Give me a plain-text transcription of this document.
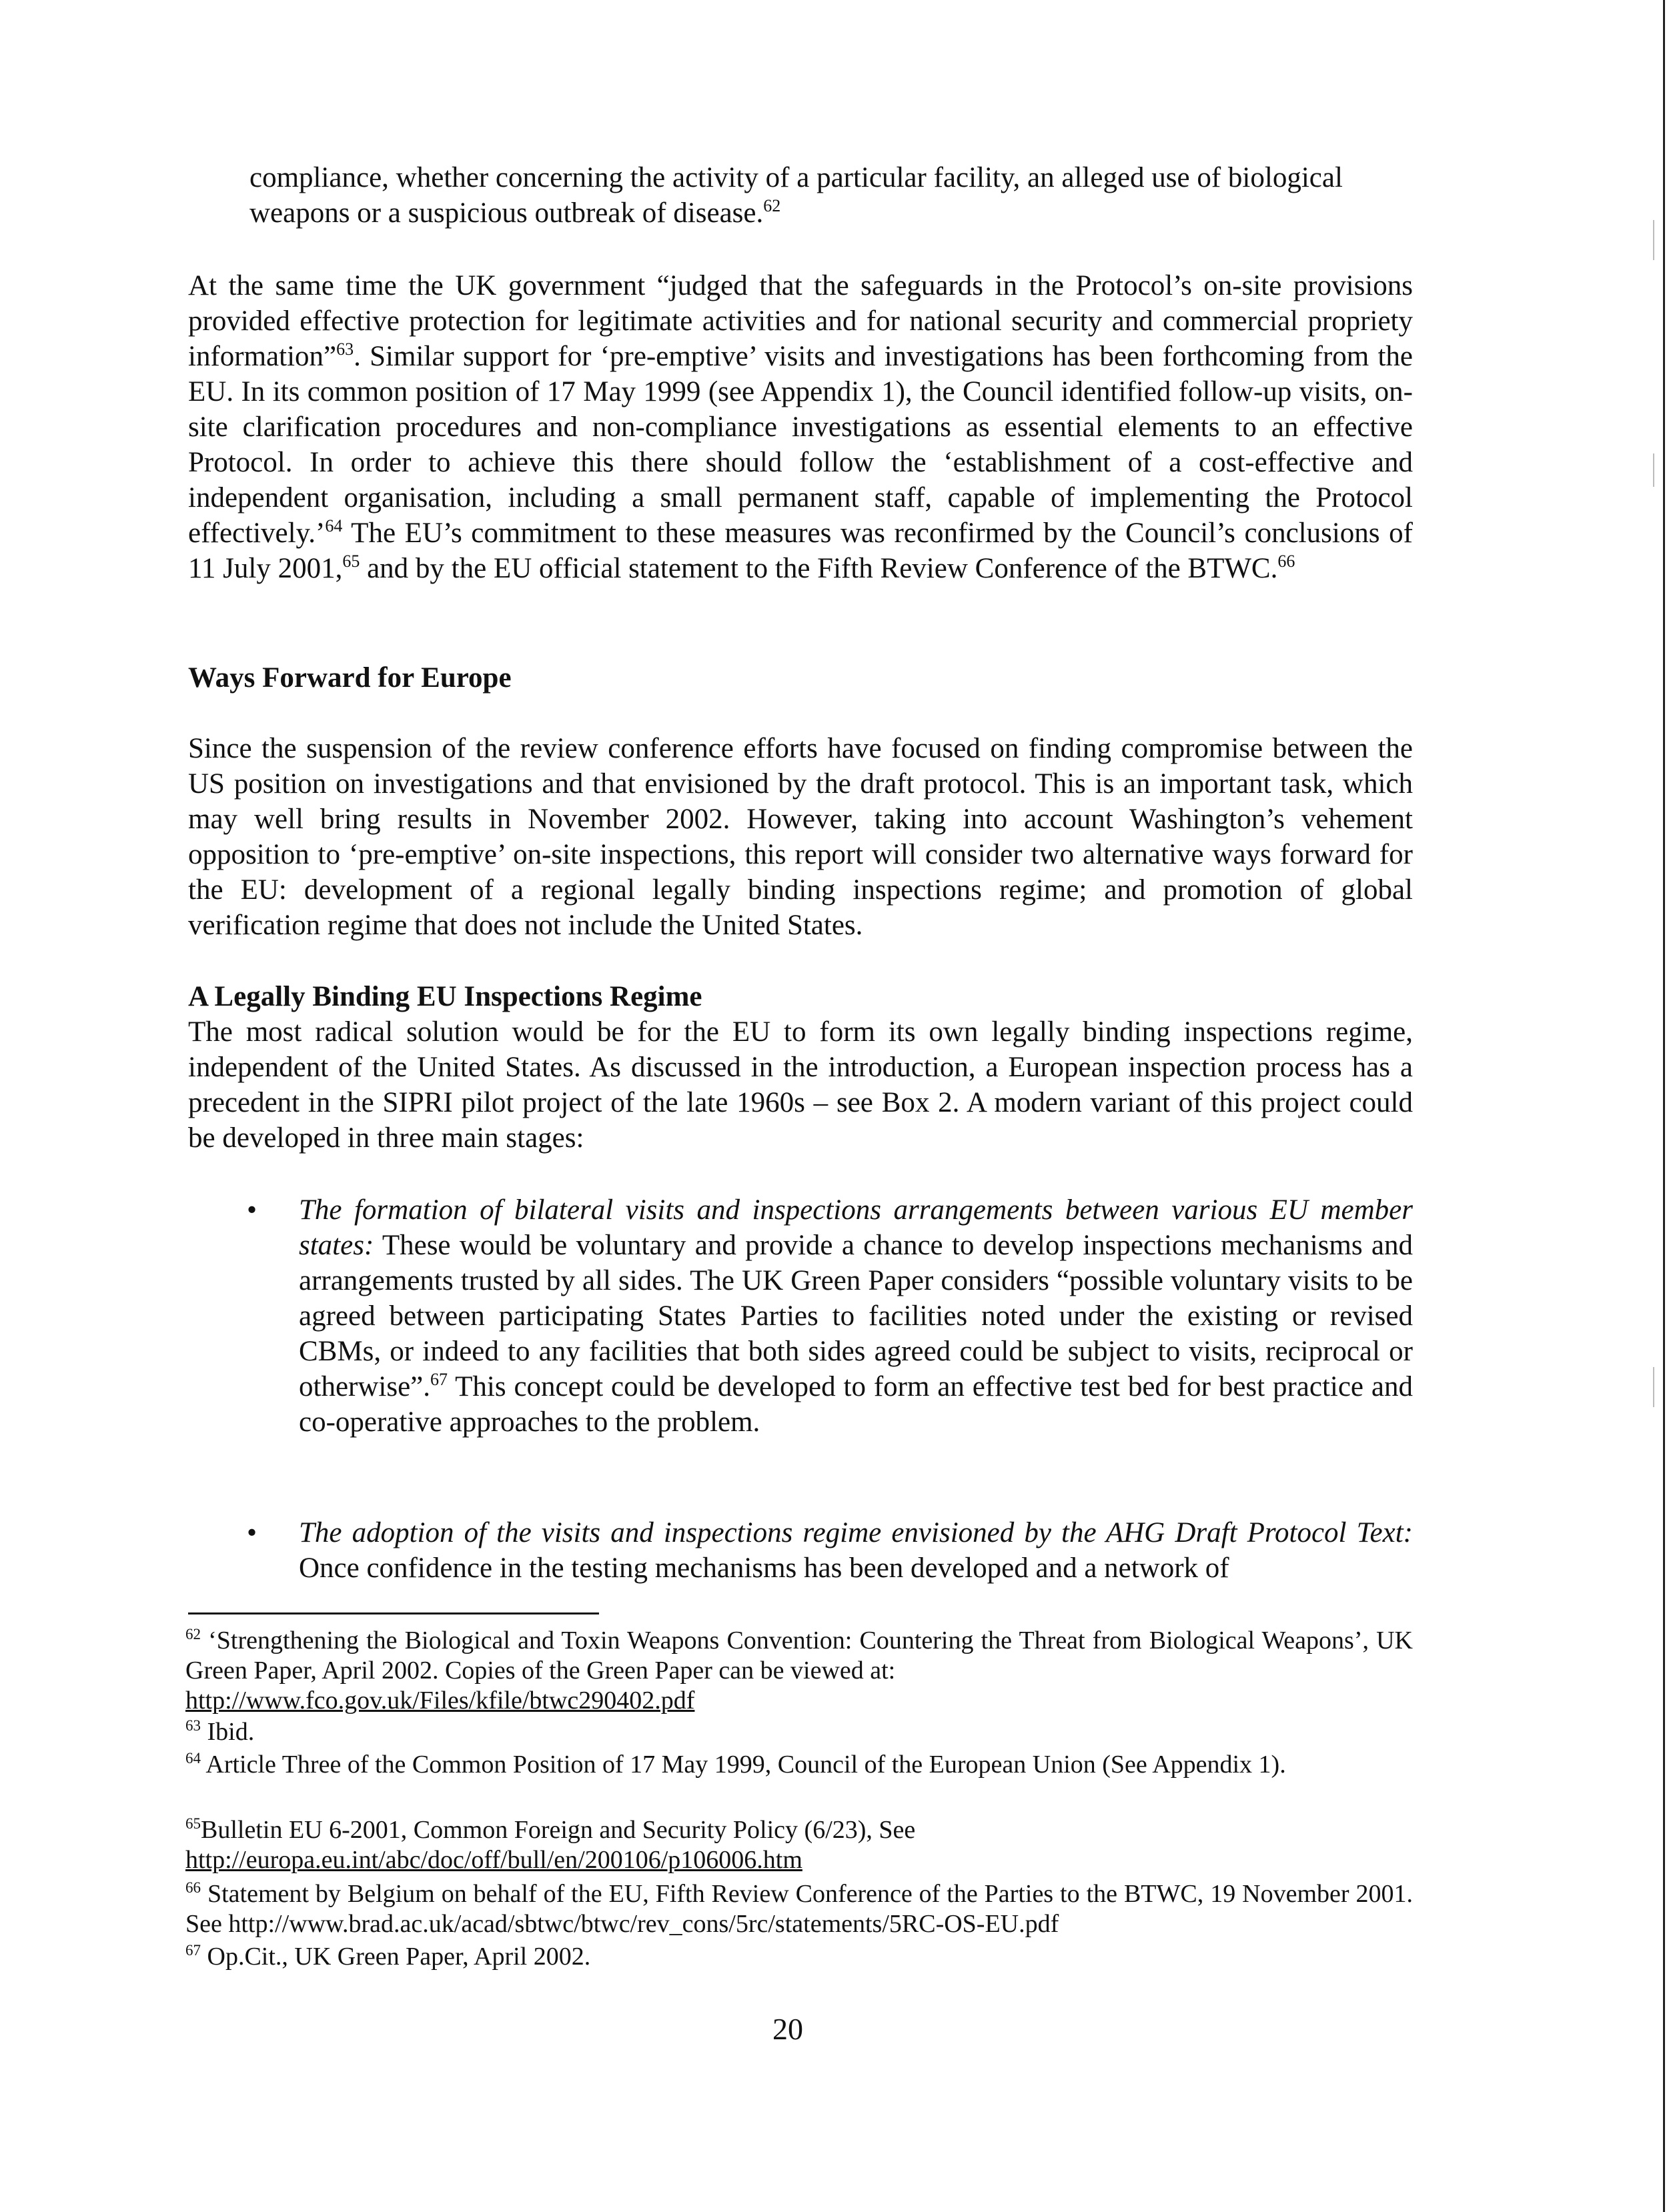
compliance, whether concerning the activity of a particular facility, an alleged use of biological weapons or a suspicious outbreak of disease.$^{62}$

At the same time the UK government “judged that the safeguards in the Protocol’s on-site provisions provided effective protection for legitimate activities and for national security and commercial propriety information”$^{63}$. Similar support for ‘pre-emptive’ visits and investigations has been forthcoming from the EU. In its common position of 17 May 1999 (see Appendix 1), the Council identified follow-up visits, on-site clarification procedures and non-compliance investigations as essential elements to an effective Protocol. In order to achieve this there should follow the ‘establishment of a cost-effective and independent organisation, including a small permanent staff, capable of implementing the Protocol effectively.’$^{64}$ The EU’s commitment to these measures was reconfirmed by the Council’s conclusions of 11 July 2001,65 and by the EU official statement to the Fifth Review Conference of the BTWC.$^{66}$

Ways Forward for Europe

Since the suspension of the review conference efforts have focused on finding compromise between the US position on investigations and that envisioned by the draft protocol. This is an important task, which may well bring results in November 2002. However, taking into account Washington’s vehement opposition to ‘pre-emptive’ on-site inspections, this report will consider two alternative ways forward for the EU: development of a regional legally binding inspections regime; and promotion of global verification regime that does not include the United States.

A Legally Binding EU Inspections Regime

The most radical solution would be for the EU to form its own legally binding inspections regime, independent of the United States. As discussed in the introduction, a European inspection process has a precedent in the SIPRI pilot project of the late 1960s – see Box 2. A modern variant of this project could be developed in three main stages:

• The formation of bilateral visits and inspections arrangements between various EU member states: These would be voluntary and provide a chance to develop inspections mechanisms and arrangements trusted by all sides. The UK Green Paper considers “possible voluntary visits to be agreed between participating States Parties to facilities noted under the existing or revised CBMs, or indeed to any facilities that both sides agreed could be subject to visits, reciprocal or otherwise”.$^{67}$ This concept could be developed to form an effective test bed for best practice and co-operative approaches to the problem.

• The adoption of the visits and inspections regime envisioned by the AHG Draft Protocol Text: Once confidence in the testing mechanisms has been developed and a network of

$^{62}$ ‘Strengthening the Biological and Toxin Weapons Convention: Countering the Threat from Biological Weapons’, UK Green Paper, April 2002. Copies of the Green Paper can be viewed at:
http://www.fco.gov.uk/Files/kfile/btwc290402.pdf

$^{63}$ Ibid.

$^{64}$ Article Three of the Common Position of 17 May 1999, Council of the European Union (See Appendix 1).

$^{65}$Bulletin EU 6-2001, Common Foreign and Security Policy (6/23), See
http://europa.eu.int/abc/doc/off/bull/en/200106/p106006.htm

$^{66}$ Statement by Belgium on behalf of the EU, Fifth Review Conference of the Parties to the BTWC, 19 November 2001. See http://www.brad.ac.uk/acad/sbtwc/btwc/rev_cons/5rc/statements/5RC-OS-EU.pdf

$^{67}$ Op.Cit., UK Green Paper, April 2002.

20
